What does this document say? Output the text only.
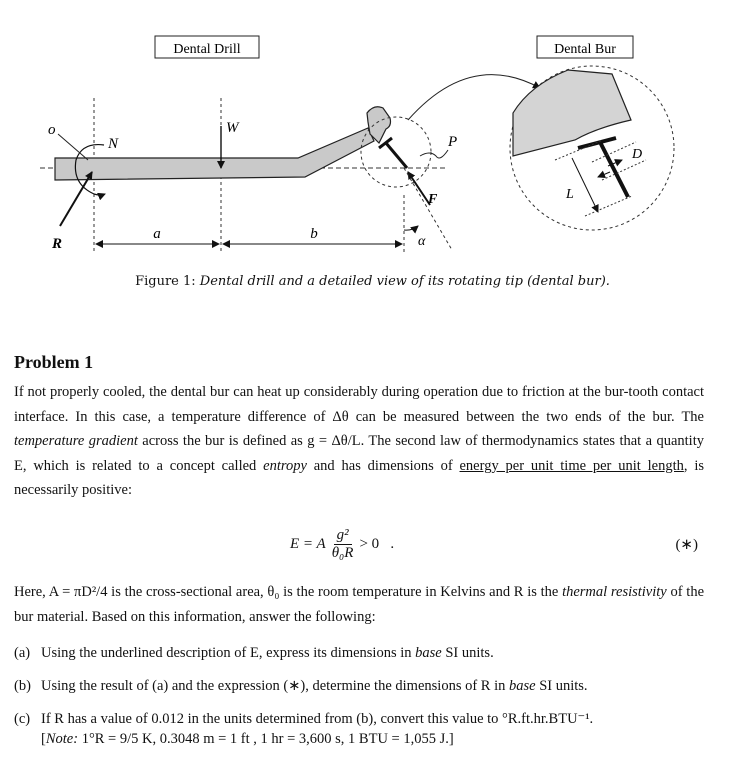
Dental Drill	Dental Bur
D
L
P
F
α
W
N
o
R
a	b
Figure 1: Dental drill and a detailed view of its rotating tip (dental bur).
Problem 1
If not properly cooled, the dental bur can heat up considerably during operation due to friction at the bur-tooth contact interface. In this case, a temperature difference of Δθ can be measured between the two ends of the bur. The temperature gradient across the bur is defined as g = Δθ/L. The second law of thermodynamics states that a quantity E, which is related to a concept called entropy and has dimensions of energy per unit time per unit length, is necessarily positive:
E = A $\frac{\text{g²}}{\text{θ₀R}} > 0$   .	(∗)
Here, A = πD²/4 is the cross-sectional area, θ₀ is the room temperature in Kelvins and R is the thermal resistivity of the bur material. Based on this information, answer the following:
(a) Using the underlined description of E, express its dimensions in base SI units.
(b) Using the result of (a) and the expression (∗), determine the dimensions of R in base SI units.
(c) If R has a value of 0.012 in the units determined from (b), convert this value to °R.ft.hr.BTU⁻¹.
[Note: 1°R = 9/5 K, 0.3048 m = 1 ft , 1 hr = 3,600 s, 1 BTU = 1,055 J.]
